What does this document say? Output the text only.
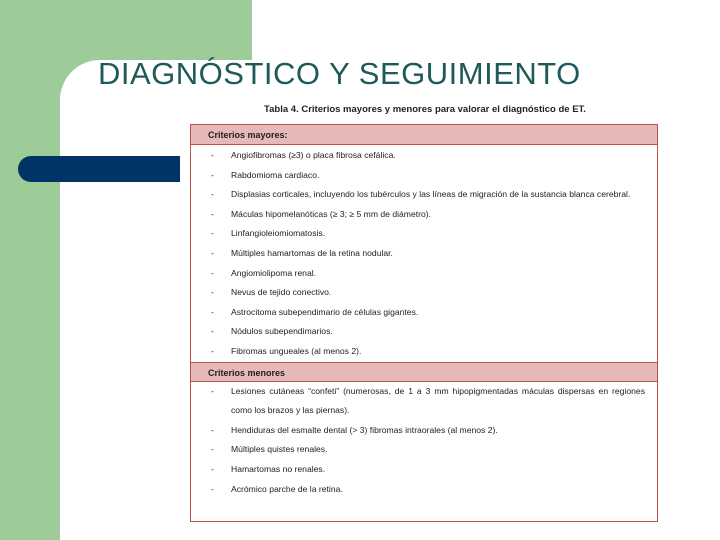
DIAGNÓSTICO Y SEGUIMIENTO
Tabla 4. Criterios mayores y menores para valorar el diagnóstico de ET.
Criterios mayores:
-	Angiofibromas (≥3) o placa fibrosa cefálica.
-	Rabdomioma cardiaco.
-	Displasias corticales, incluyendo los tubérculos y las líneas de migración de la sustancia blanca cerebral.
-	Máculas hipomelanóticas (≥ 3; ≥ 5 mm de diámetro).
-	Linfangioleiomiomatosis.
-	Múltiples hamartomas de la retina nodular.
-	Angiomiolipoma renal.
-	Nevus de tejido conectivo.
-	Astrocitoma subependimario de células gigantes.
-	Nódulos subependimarios.
-	Fibromas ungueales (al menos 2).
Criterios menores
-	Lesiones cutáneas “confeti” (numerosas, de 1 a 3 mm hipopigmentadas máculas dispersas en regiones como los brazos y las piernas).
-	Hendiduras del esmalte dental (> 3) fibromas intraorales (al menos 2).
-	Múltiples quistes renales.
-	Hamartomas no renales.
-	Acrómico parche de la retina.
